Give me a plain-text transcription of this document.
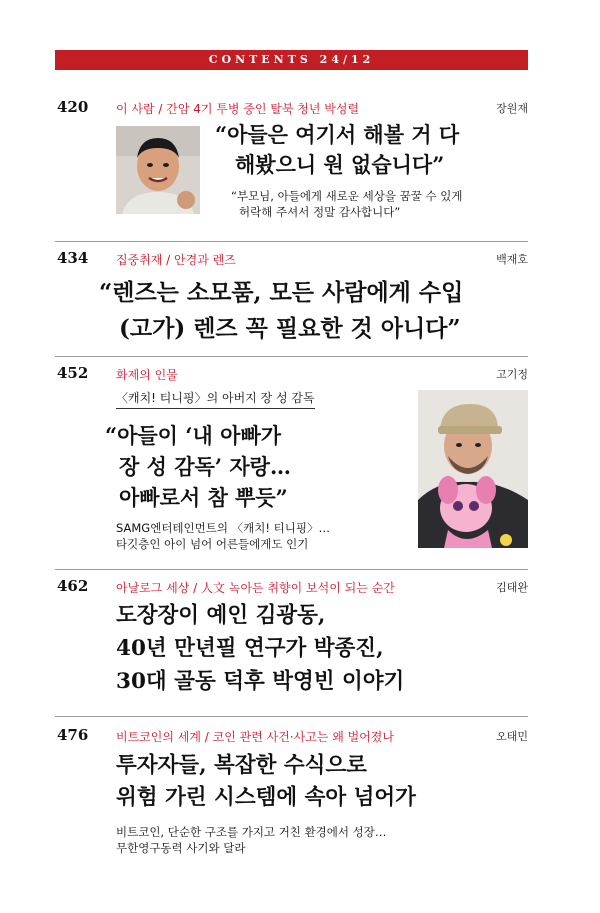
CONTENTS 24/12
420 이 사람 / 간암 4기 투병 중인 탈북 청년 박성렬	장원재
“아들은 여기서 해볼 거 다
해봤으니 원 없습니다”
“부모님, 아들에게 새로운 세상을 꿈꿀 수 있게
허락해 주셔서 정말 감사합니다”
434 집중취재 / 안경과 렌즈	백재호
“렌즈는 소모품, 모든 사람에게 수입
(고가) 렌즈 꼭 필요한 것 아니다”
452 화제의 인물	고기정
〈캐치! 티니핑〉의 아버지 장 성 감독
“아들이 ‘내 아빠가
장 성 감독’ 자랑…
아빠로서 참 뿌듯”
SAMG엔터테인먼트의 〈캐치! 티니핑〉…
타깃층인 아이 넘어 어른들에게도 인기
462 아날로그 세상 / 人文 녹아든 취향이 보석이 되는 순간	김태완
도장장이 예인 김광동,
40년 만년필 연구가 박종진,
30대 골동 덕후 박영빈 이야기
476 비트코인의 세계 / 코인 관련 사건·사고는 왜 벌어졌나	오태민
투자자들, 복잡한 수식으로
위험 가린 시스템에 속아 넘어가
비트코인, 단순한 구조를 가지고 거친 환경에서 성장…
무한영구동력 사기와 달라
